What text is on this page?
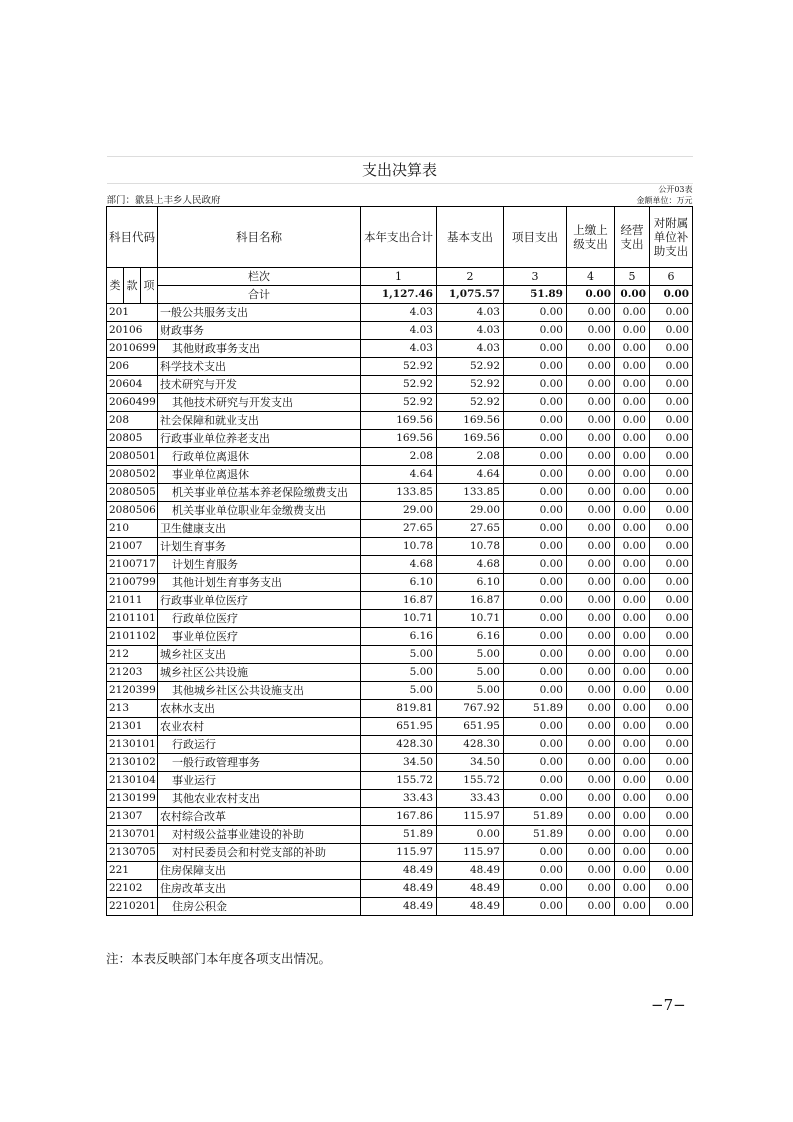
支出决算表									
公开03表									
部门：歙县上丰乡人民政府					金额单位：万元				
科目代码			科目名称	本年支出合计	基本支出	项目支出	上缴上级支出	经营支出	对附属单位补助支出
类	款	项	栏次	1	2	3	4	5	6
			合计	1,127.46	1,075.57	51.89	0.00	0.00	0.00
201			一般公共服务支出	4.03	4.03	0.00	0.00	0.00	0.00
20106			财政事务	4.03	4.03	0.00	0.00	0.00	0.00
2010699			其他财政事务支出	4.03	4.03	0.00	0.00	0.00	0.00
206			科学技术支出	52.92	52.92	0.00	0.00	0.00	0.00
20604			技术研究与开发	52.92	52.92	0.00	0.00	0.00	0.00
2060499			其他技术研究与开发支出	52.92	52.92	0.00	0.00	0.00	0.00
208			社会保障和就业支出	169.56	169.56	0.00	0.00	0.00	0.00
20805			行政事业单位养老支出	169.56	169.56	0.00	0.00	0.00	0.00
2080501			行政单位离退休	2.08	2.08	0.00	0.00	0.00	0.00
2080502			事业单位离退休	4.64	4.64	0.00	0.00	0.00	0.00
2080505			机关事业单位基本养老保险缴费支出	133.85	133.85	0.00	0.00	0.00	0.00
2080506			机关事业单位职业年金缴费支出	29.00	29.00	0.00	0.00	0.00	0.00
210			卫生健康支出	27.65	27.65	0.00	0.00	0.00	0.00
21007			计划生育事务	10.78	10.78	0.00	0.00	0.00	0.00
2100717			计划生育服务	4.68	4.68	0.00	0.00	0.00	0.00
2100799			其他计划生育事务支出	6.10	6.10	0.00	0.00	0.00	0.00
21011			行政事业单位医疗	16.87	16.87	0.00	0.00	0.00	0.00
2101101			行政单位医疗	10.71	10.71	0.00	0.00	0.00	0.00
2101102			事业单位医疗	6.16	6.16	0.00	0.00	0.00	0.00
212			城乡社区支出	5.00	5.00	0.00	0.00	0.00	0.00
21203			城乡社区公共设施	5.00	5.00	0.00	0.00	0.00	0.00
2120399			其他城乡社区公共设施支出	5.00	5.00	0.00	0.00	0.00	0.00
213			农林水支出	819.81	767.92	51.89	0.00	0.00	0.00
21301			农业农村	651.95	651.95	0.00	0.00	0.00	0.00
2130101			行政运行	428.30	428.30	0.00	0.00	0.00	0.00
2130102			一般行政管理事务	34.50	34.50	0.00	0.00	0.00	0.00
2130104			事业运行	155.72	155.72	0.00	0.00	0.00	0.00
2130199			其他农业农村支出	33.43	33.43	0.00	0.00	0.00	0.00
21307			农村综合改革	167.86	115.97	51.89	0.00	0.00	0.00
2130701			对村级公益事业建设的补助	51.89	0.00	51.89	0.00	0.00	0.00
2130705			对村民委员会和村党支部的补助	115.97	115.97	0.00	0.00	0.00	0.00
221			住房保障支出	48.49	48.49	0.00	0.00	0.00	0.00
22102			住房改革支出	48.49	48.49	0.00	0.00	0.00	0.00
2210201			住房公积金	48.49	48.49	0.00	0.00	0.00	0.00
注：本表反映部门本年度各项支出情况。
−7−
